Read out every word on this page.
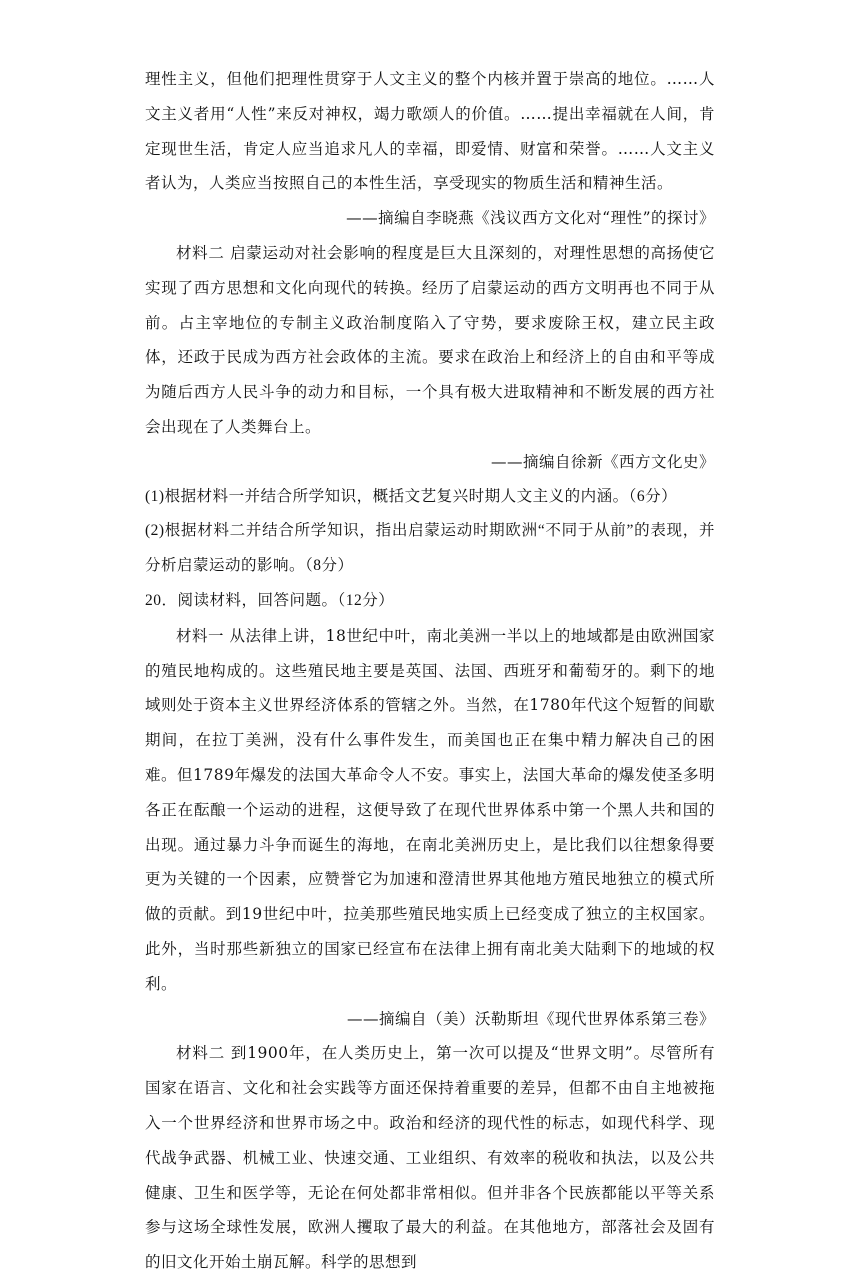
理性主义，但他们把理性贯穿于人文主义的整个内核并置于崇高的地位。……人文主义者用“人性”来反对神权，竭力歌颂人的价值。……提出幸福就在人间，肯定现世生活，肯定人应当追求凡人的幸福，即爱情、财富和荣誉。……人文主义者认为，人类应当按照自己的本性生活，享受现实的物质生活和精神生活。

——摘编自李晓燕《浅议西方文化对“理性”的探讨》

材料二 启蒙运动对社会影响的程度是巨大且深刻的，对理性思想的高扬使它实现了西方思想和文化向现代的转换。经历了启蒙运动的西方文明再也不同于从前。占主宰地位的专制主义政治制度陷入了守势，要求废除王权，建立民主政体，还政于民成为西方社会政体的主流。要求在政治上和经济上的自由和平等成为随后西方人民斗争的动力和目标，一个具有极大进取精神和不断发展的西方社会出现在了人类舞台上。

——摘编自徐新《西方文化史》

(1)根据材料一并结合所学知识，概括文艺复兴时期人文主义的内涵。（6分）

(2)根据材料二并结合所学知识，指出启蒙运动时期欧洲“不同于从前”的表现，并分析启蒙运动的影响。（8分）

20．阅读材料，回答问题。（12分）

材料一 从法律上讲，18世纪中叶，南北美洲一半以上的地域都是由欧洲国家的殖民地构成的。这些殖民地主要是英国、法国、西班牙和葡萄牙的。剩下的地域则处于资本主义世界经济体系的管辖之外。当然，在1780年代这个短暂的间歇期间，在拉丁美洲，没有什么事件发生，而美国也正在集中精力解决自己的困难。但1789年爆发的法国大革命令人不安。事实上，法国大革命的爆发使圣多明各正在酝酿一个运动的进程，这便导致了在现代世界体系中第一个黑人共和国的出现。通过暴力斗争而诞生的海地，在南北美洲历史上，是比我们以往想象得要更为关键的一个因素，应赞誉它为加速和澄清世界其他地方殖民地独立的模式所做的贡献。到19世纪中叶，拉美那些殖民地实质上已经变成了独立的主权国家。此外，当时那些新独立的国家已经宣布在法律上拥有南北美大陆剩下的地域的权利。

——摘编自（美）沃勒斯坦《现代世界体系第三卷》

材料二 到1900年，在人类历史上，第一次可以提及“世界文明”。尽管所有国家在语言、文化和社会实践等方面还保持着重要的差异，但都不由自主地被拖入一个世界经济和世界市场之中。政治和经济的现代性的标志，如现代科学、现代战争武器、机械工业、快速交通、工业组织、有效率的税收和执法，以及公共健康、卫生和医学等，无论在何处都非常相似。但并非各个民族都能以平等关系参与这场全球性发展，欧洲人攫取了最大的利益。在其他地方，部落社会及固有的旧文化开始土崩瓦解。科学的思想到
